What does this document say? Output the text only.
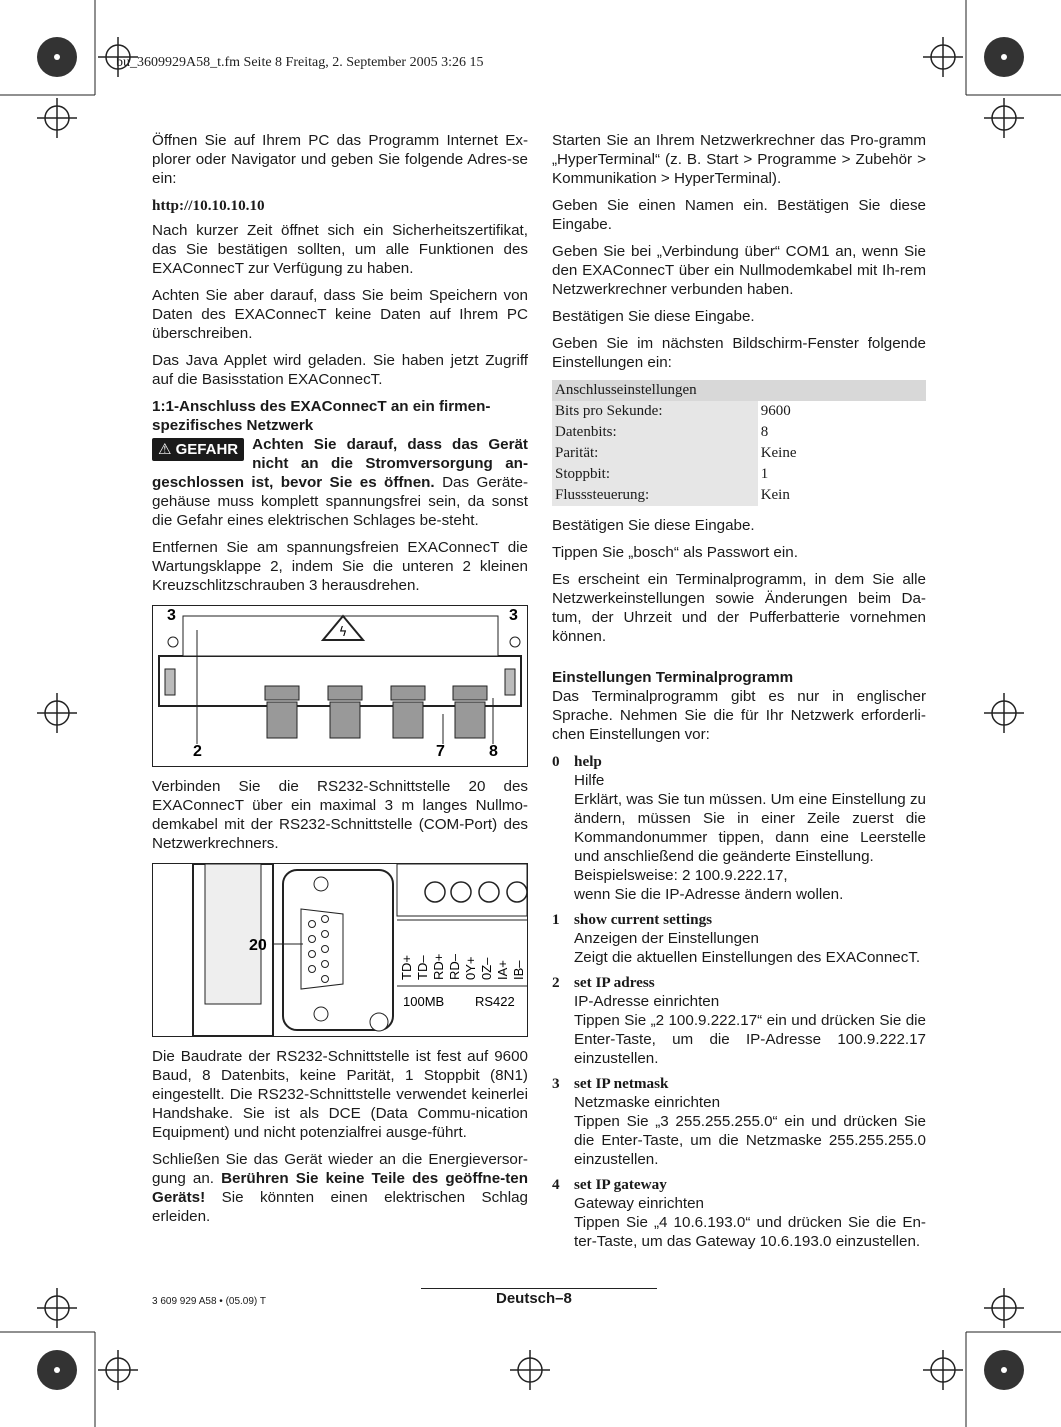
bu_3609929A58_t.fm Seite 8 Freitag, 2. September 2005 3:26 15

Öffnen Sie auf Ihrem PC das Programm Internet Ex-plorer oder Navigator und geben Sie folgende Adres-se ein:

http://10.10.10.10

Nach kurzer Zeit öffnet sich ein Sicherheitszertifikat, das Sie bestätigen sollten, um alle Funktionen des EXAConnecT zur Verfügung zu haben.

Achten Sie aber darauf, dass Sie beim Speichern von Daten des EXAConnecT keine Daten auf Ihrem PC überschreiben.

Das Java Applet wird geladen. Sie haben jetzt Zugriff auf die Basisstation EXAConnecT.

1:1-Anschluss des EXAConnecT an ein firmen-spezifisches Netzwerk

⚠ GEFAHR Achten Sie darauf, dass das Gerät nicht an die Stromversorgung an-geschlossen ist, bevor Sie es öffnen. Das Geräte-gehäuse muss komplett spannungsfrei sein, da sonst die Gefahr eines elektrischen Schlages be-steht.

Entfernen Sie am spannungsfreien EXAConnecT die Wartungsklappe 2, indem Sie die unteren 2 kleinen Kreuzschlitzschrauben 3 herausdrehen.

ϟ
3	3
2	7	8

Verbinden Sie die RS232-Schnittstelle 20 des EXAConnecT über ein maximal 3 m langes Nullmo-demkabel mit der RS232-Schnittstelle (COM-Port) des Netzwerkrechners.

20
TD+ TD– RD+ RD– 0Y+ 0Z– IA+ IB–
100MB RS422

Die Baudrate der RS232-Schnittstelle ist fest auf 9600 Baud, 8 Datenbits, keine Parität, 1 Stoppbit (8N1) eingestellt. Die RS232-Schnittstelle verwendet keinerlei Handshake. Sie ist als DCE (Data Commu-nication Equipment) und nicht potenzialfrei ausge-führt.

Schließen Sie das Gerät wieder an die Energieversor-gung an. Berühren Sie keine Teile des geöffne-ten Geräts! Sie könnten einen elektrischen Schlag erleiden.

Starten Sie an Ihrem Netzwerkrechner das Pro-gramm „HyperTerminal“ (z. B. Start > Programme > Zubehör > Kommunikation > HyperTerminal).

Geben Sie einen Namen ein. Bestätigen Sie diese Eingabe.

Geben Sie bei „Verbindung über“ COM1 an, wenn Sie den EXAConnecT über ein Nullmodemkabel mit Ih-rem Netzwerkrechner verbunden haben.

Bestätigen Sie diese Eingabe.

Geben Sie im nächsten Bildschirm-Fenster folgende Einstellungen ein:

Anschlusseinstellungen	
Bits pro Sekunde:	9600
Datenbits:	8
Parität:	Keine
Stoppbit:	1
Flusssteuerung:	Kein

Bestätigen Sie diese Eingabe.

Tippen Sie „bosch“ als Passwort ein.

Es erscheint ein Terminalprogramm, in dem Sie alle Netzwerkeinstellungen sowie Änderungen beim Da-tum, der Uhrzeit und der Pufferbatterie vornehmen können.

Einstellungen Terminalprogramm

Das Terminalprogramm gibt es nur in englischer Sprache. Nehmen Sie die für Ihr Netzwerk erforderli-chen Einstellungen vor:

0 help

Hilfe

Erklärt, was Sie tun müssen. Um eine Einstellung zu ändern, müssen Sie in einer Zeile zuerst die Kommandonummer tippen, dann eine Leerstelle und anschließend die geänderte Einstellung.

Beispielsweise: 2 100.9.222.17,

wenn Sie die IP-Adresse ändern wollen.

1 show current settings

Anzeigen der Einstellungen

Zeigt die aktuellen Einstellungen des EXAConnecT.

2 set IP adress

IP-Adresse einrichten

Tippen Sie „2 100.9.222.17“ ein und drücken Sie die Enter-Taste, um die IP-Adresse 100.9.222.17 einzustellen.

3 set IP netmask

Netzmaske einrichten

Tippen Sie „3 255.255.255.0“ ein und drücken Sie die Enter-Taste, um die Netzmaske 255.255.255.0 einzustellen.

4 set IP gateway

Gateway einrichten

Tippen Sie „4 10.6.193.0“ und drücken Sie die En-ter-Taste, um das Gateway 10.6.193.0 einzustellen.

3 609 929 A58 • (05.09) T	Deutsch–8
